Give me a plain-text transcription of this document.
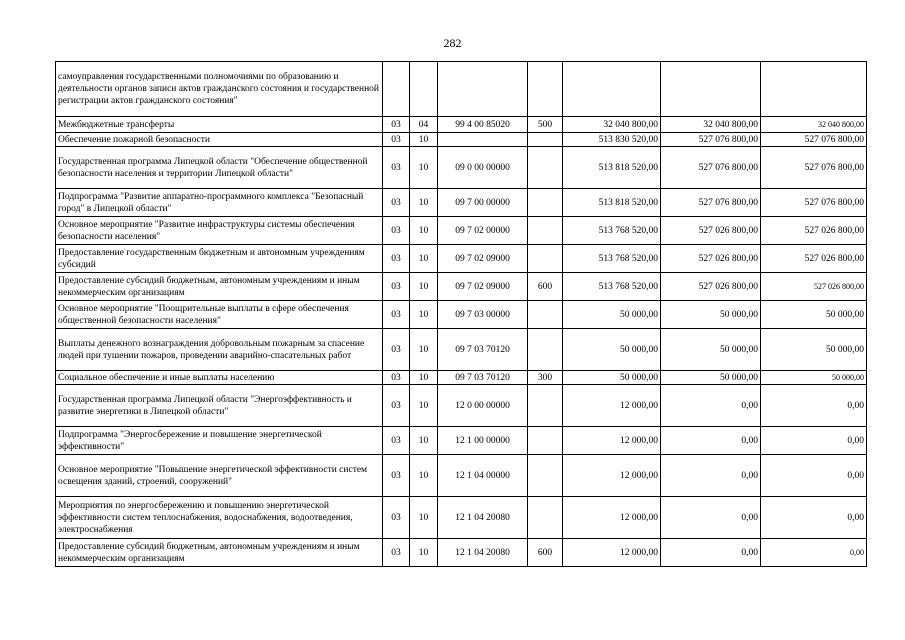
282
самоуправления государственными полномочиями по образованию и деятельности органов записи актов гражданского состояния и государственной регистрации актов гражданского состояния"							
Межбюджетные трансферты	03	04	99 4 00 85020	500	32 040 800,00	32 040 800,00	32 040 800,00
Обеспечение пожарной безопасности	03	10			513 830 520,00	527 076 800,00	527 076 800,00
Государственная программа Липецкой области "Обеспечение общественной безопасности населения и территории Липецкой области"	03	10	09 0 00 00000		513 818 520,00	527 076 800,00	527 076 800,00
Подпрограмма "Развитие аппаратно-программного комплекса "Безопасный город" в Липецкой области"	03	10	09 7 00 00000		513 818 520,00	527 076 800,00	527 076 800,00
Основное мероприятие "Развитие инфраструктуры системы обеспечения безопасности населения"	03	10	09 7 02 00000		513 768 520,00	527 026 800,00	527 026 800,00
Предоставление государственным бюджетным и автономным учреждениям субсидий	03	10	09 7 02 09000		513 768 520,00	527 026 800,00	527 026 800,00
Предоставление субсидий бюджетным, автономным учреждениям и иным некоммерческим организациям	03	10	09 7 02 09000	600	513 768 520,00	527 026 800,00	527 026 800,00
Основное мероприятие "Поощрительные выплаты в сфере обеспечения общественной безопасности населения"	03	10	09 7 03 00000		50 000,00	50 000,00	50 000,00
Выплаты денежного вознаграждения добровольным пожарным за спасение людей при тушении пожаров, проведении аварийно-спасательных работ	03	10	09 7 03 70120		50 000,00	50 000,00	50 000,00
Социальное обеспечение и иные выплаты населению	03	10	09 7 03 70120	300	50 000,00	50 000,00	50 000,00
Государственная программа Липецкой области "Энергоэффективность и развитие энергетики в Липецкой области"	03	10	12 0 00 00000		12 000,00	0,00	0,00
Подпрограмма "Энергосбережение и повышение энергетической эффективности"	03	10	12 1 00 00000		12 000,00	0,00	0,00
Основное мероприятие "Повышение энергетической эффективности систем освещения зданий, строений, сооружений"	03	10	12 1 04 00000		12 000,00	0,00	0,00
Мероприятия по энергосбережению и повышению энергетической эффективности систем теплоснабжения, водоснабжения, водоотведения, электроснабжения	03	10	12 1 04 20080		12 000,00	0,00	0,00
Предоставление субсидий бюджетным, автономным учреждениям и иным некоммерческим организациям	03	10	12 1 04 20080	600	12 000,00	0,00	0,00
